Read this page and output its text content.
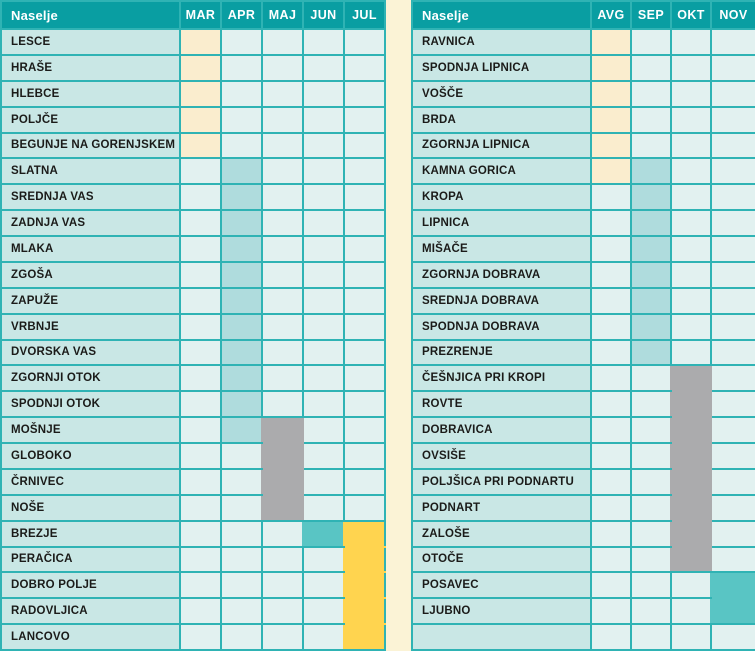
Naselje	MAR	APR	MAJ	JUN	JUL
LESCE					
HRAŠE					
HLEBCE					
POLJČE					
BEGUNJE NA GORENJSKEM					
SLATNA					
SREDNJA VAS					
ZADNJA VAS					
MLAKA					
ZGOŠA					
ZAPUŽE					
VRBNJE					
DVORSKA VAS					
ZGORNJI OTOK					
SPODNJI OTOK					
MOŠNJE					
GLOBOKO					
ČRNIVEC					
NOŠE					
BREZJE					
PERAČICA					
DOBRO POLJE					
RADOVLJICA					
LANCOVO					
Naselje	AVG	SEP	OKT	NOV
RAVNICA				
SPODNJA LIPNICA				
VOŠČE				
BRDA				
ZGORNJA LIPNICA				
KAMNA GORICA				
KROPA				
LIPNICA				
MIŠAČE				
ZGORNJA DOBRAVA				
SREDNJA DOBRAVA				
SPODNJA DOBRAVA				
PREZRENJE				
ČEŠNJICA PRI KROPI				
ROVTE				
DOBRAVICA				
OVSIŠE				
POLJŠICA PRI PODNARTU				
PODNART				
ZALOŠE				
OTOČE				
POSAVEC				
LJUBNO				
